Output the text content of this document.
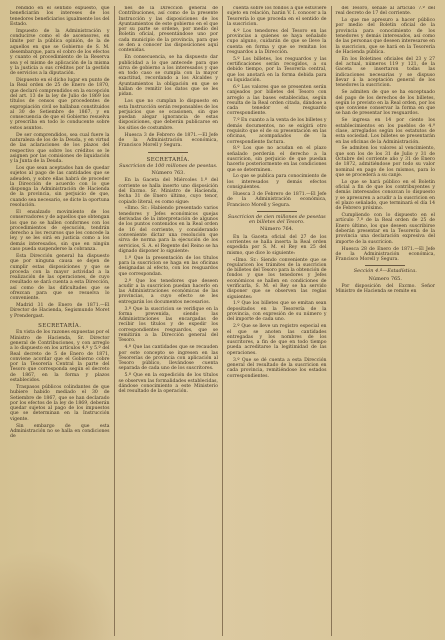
rendido en el sentido expuesto, que beneficiarán los intereses de los tenedores beneficiarios igualmente los del Estado.

Impuesto de la Administración y conducirse como el de ascensores, en límite por la pública opinión, de la de aquellos en que se Gobierno de S. M. desembarque, para el cobro de los efectos y cuanto el procedimiento de la Reserva sea y el mismo de aplicación de la misma y la justicia a sus créditos por la gestión de servicios a la diputación.

Dispuesto en el dicho lugar en punto de la Real orden de 25 de Enero de 1870, que declaró comprendidos en la excepción del art. 13 de la ley de Julio de 1869 los títulos de censos que procedentes de expropiación civil se hallaban constituidos al 30 de Setiembre de 1867, y en consecuencia de que el Gobierno resuelva y prescriba en todo lo conducente sobre estos asuntos.

De ser comprendidos, sea cual fuere la naturaleza de los de la Deuda, y en virtud de las aclaraciones de los plazos del respectivo que sobre los créditos se le asignen por las comisiones de liquidación y la Junta de la Deuda.

Los que sean aceptados han de quedar sujetos al pago de las cantidades que se adeuden, y sobre ellas habrá de proceder la Dirección de acuerdo con lo que disponga la Administración de Hacienda de la provincia, sin perjuicio de que, cuando sea necesario, se dicte la oportuna resolución.

El ensalzado movimiento de los conservadores y de aquellos que obtengan los que no se hallen conformes con los procedimientos de ejecución, tendrán derecho a los recursos que les concede la ley, y se les oirá en justicia como a los demás interesados, sin que en ningún caso pueda suspenderse la cobranza.

Esta Dirección general ha dispuesto que por ninguna causa se dejen de cumplir estas disposiciones y que se proceda con la mayor actividad a la realización de las operaciones, de cuyo resultado se dará cuenta a esta Dirección, así como de las dificultades que se ofrezcan para que se resuelva lo conveniente.

Madrid 31 de Enero de 1871.—El Director de Hacienda, Segismundo Moret y Prendergast.

SECRETARÍA.

En vista de los razones expuestas por el Ministro de Hacienda, Sr. Director general de Contribuciones, y con arreglo a lo dispuesto en los artículos 4.º y 5.º del Real decreto de 5 de Enero de 1871, conviene acordar que el Gobierno cobre por la Tesorería Central la parte del Tesoro que corresponda según el decreto de 1867, en la forma y plazos establecidos.

Traspasos públicos colindantes de que hubiere habido mediado el 30 de Setiembre de 1867, que se han declarado por los efectos de la ley de 1869, deberán quedar sujetos al pago de los impuestos que se determinan en la Instrucción vigente.

Sin embargo de que esta Administración no se halla en condiciones de

nes de la Dirección general de Contribuciones, así como de la presente Instrucción y las disposiciones de los Ayuntamientos de este gobierno en el que por su parte se ordene, por medio del Boletín oficial, presentándose uno por cada municipio de la provincia, para que se den a conocer las disposiciones aquí contenidas.

En consecuencia, se ha dispuesto dar publicidad a lo que antecede para que sirva de gobierno a los interesados y que en todo caso se cumpla con la mayor exactitud, recordando a los Alcaldes y Ayuntamientos la obligación en que se hallan de remitir los datos que se les pidan.

Los que no cumplan lo dispuesto en esta Instrucción serán responsables de los perjuicios que se ocasionen, sin que puedan alegar ignorancia de estas disposiciones, que deberán publicarse en los sitios de costumbre.

Huesca 3 de Febrero de 1871.—El Jefe de la Administración económica, Francisco Morell y Segura.

SECRETARÍA.
Suscricion de 100 millones de pesetas.
Número 763.

En la Gaceta del Miércoles 1.º del corriente se halla inserto uno disposición del Excmo. Sr. Ministro de Hacienda, fecha 31 de Enero último, cuyo tenor, copiado literal, es como sigue:

«Ilmo. Sr.: Habiendo presentado varios tenedores y Jefes económicos quejas derivadas de la interpretación de algunos de los puntos contenidos en la Real orden de 16 del corriente, y considerando conveniente dictar una resolución que sirva de norma para la ejecución de los servicios, S. A. el Regente del Reino se ha dignado disponer lo siguiente:

1.º Que la presentación de los títulos para la suscricion se haga en las oficinas designadas al efecto, con los resguardos que correspondan.

2.º Que los tenedores que deseen acudir a la suscricion puedan hacerlo en las Administraciones económicas de las provincias, a cuyo efecto se les entregarán los documentos necesarios.

3.º Que la suscricion se verifique en la forma prevenida, siendo las Administraciones las encargadas de recibir los títulos y de expedir los correspondientes resguardos, que se remitirán a la Dirección general del Tesoro.

4.º Que las cantidades que se recauden por este concepto se ingresen en las Tesorerías de provincia con aplicación al Tesoro público, llevándose cuenta separada de cada uno de los suscritores.

5.º Que en la expedición de los títulos se observen las formalidades establecidas, dándose conocimiento a este Ministerio del resultado de la operación.

cuenta sobre los fondos á que estuviere sujeto en relación, harán V. I. conocer a la Tesorería lo que proceda en el sentido de la suscricion.

4.º Los tenedores del Tesoro en las provincias a quienes se haya señalado cupo alguno, cuidarán de que se lleve la cuenta en forma y que se remitan los resguardos a la Dirección.

5.º Los billetes, los resguardos y las certificaciones serán recogidos, a su debido tiempo, por la Tesorería central, que los anotará en la forma debida para su liquidación.

6.º Los valores que se presenten serán canjeados por billetes del Tesoro con arreglo a las bases establecidas, según resulta de la Real orden citada, dándose a cada tenedor el resguardo correspondiente.

7.º En cuanto a la venta de los billetes y demás documentos, no se exigirá otro requisito que el de su presentación en las oficinas, acompañados de la correspondiente factura.

8.º Los que no acudan en el plazo señalado perderán el derecho a la suscricion, sin perjuicio de que puedan hacerlo posteriormente en las condiciones que se determinen.

Lo que se publica para conocimiento de los interesados y demás efectos consiguientes.

Huesca 3 de Febrero de 1871.—El Jefe de la Administración económica, Francisco Morell y Segura.

Suscricion de cien millones de pesetas en billetes del Tesoro.
Número 764.

En la Gaceta oficial del 27 de los corrientes se halla inserta la Real orden expedida por S. M. el Rey en 25 del mismo, que dice lo siguiente:

«Ilmo. Sr.: Siendo conveniente que se regularicen los trámites de la suscricion de billetes del Tesoro para la obtención de fondos y que los tenedores y Jefes económicos se hallen en condiciones de verificarla, S. M. el Rey se ha servido disponer que se observen las reglas siguientes:

1.º Que los billetes que se emitan sean depositados en la Tesorería de la provincia, con expresión de su número y del importe de cada uno.

2.º Que se lleve un registro especial en el que se anoten las cantidades entregadas y los nombres de los suscritores, a fin de que en todo tiempo pueda acreditarse la legitimidad de las operaciones.

3.º Que se dé cuenta a esta Dirección general del resultado de la suscricion en cada provincia, remitiéndose los estados correspondientes.

del Tesoro, señale al artículo 7.º del real decreto de 17 del corriente.

Lo que me apresuro a hacer público por medio del Boletín oficial de la provincia para conocimiento de los tenedores y demás interesados, así como de las personas que deseen interesarse en la suscricion, que se hará en la Tesorería de Hacienda pública.

En los Boletines oficiales del 23 y 27 del actual, números 119 y 121, de la Gaceta se insertaron todas las indicaciones necesarias y se dispuso llevar á la aceptación general de los tenedores la suscricion.

Se admiten de que se ha exceptuado del pago de los derechos de los billetes, según lo previsto en la Real orden, por los que conviene conservar la forma en que se han de presentar los resguardos.

Se ingresa en 14 por ciento los establecimientos en los pueblos de 4.ª clase, arreglados según los estatutos de esta sociedad. Los billetes se presentarán en las oficinas de la Administración.

Se admiten los valores al vencimiento, que son los de los 31 de Julio y 31 de Octubre del corriente año y 31 de Enero de 1872, admitiéndose por todo su valor nominal en pago de los mismos, para lo que se procederá a su canje.

Lo que se hará público en el Boletín oficial a fin de que los contribuyentes y demás interesados conozcan lo dispuesto y se apresuren a acudir a la suscricion en el plazo señalado, que terminará el día 14 de Febrero próximo.

Cumpliendo con lo dispuesto en el artículo 7.º de la Real orden de 25 de Enero último, los que deseen suscribirse deberán presentar en la Tesorería de la provincia una declaración expresiva del importe de la suscricion.

Huesca 28 de Enero de 1871.—El Jefe de la Administración económica, Francisco Morell y Segura.

Sección 4.ª—Estadística.
Número 765.

Por disposición del Excmo. Señor Ministro de Hacienda se remite en
